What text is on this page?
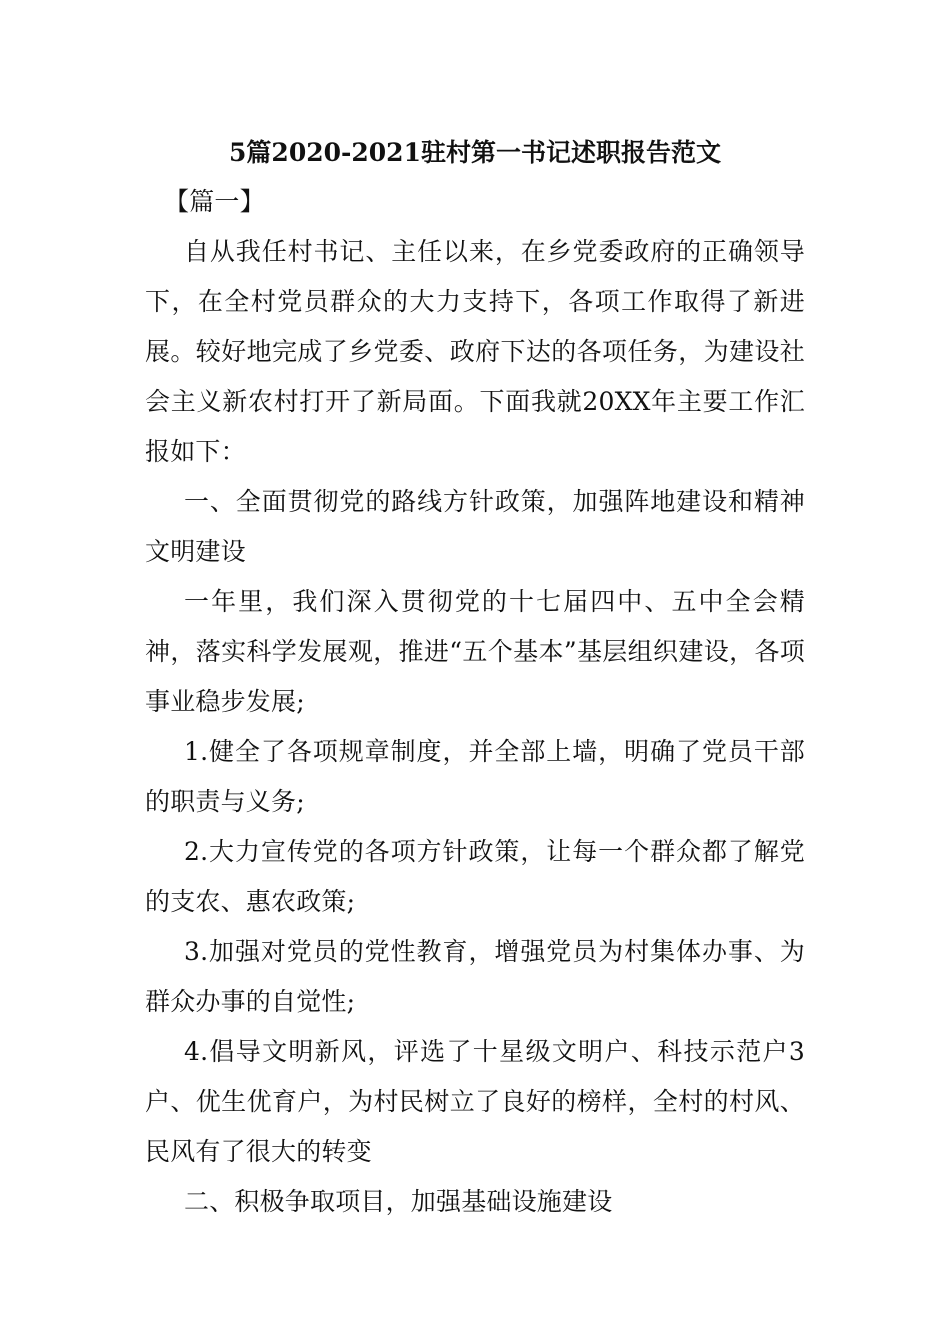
5篇2020-2021驻村第一书记述职报告范文

【篇一】

自从我任村书记、主任以来，在乡党委政府的正确领导下，在全村党员群众的大力支持下，各项工作取得了新进展。较好地完成了乡党委、政府下达的各项任务，为建设社会主义新农村打开了新局面。下面我就20XX年主要工作汇报如下：

一、全面贯彻党的路线方针政策，加强阵地建设和精神文明建设

一年里，我们深入贯彻党的十七届四中、五中全会精神，落实科学发展观，推进“五个基本”基层组织建设，各项事业稳步发展;

1.健全了各项规章制度，并全部上墙，明确了党员干部的职责与义务;

2.大力宣传党的各项方针政策，让每一个群众都了解党的支农、惠农政策;

3.加强对党员的党性教育，增强党员为村集体办事、为群众办事的自觉性;

4.倡导文明新风，评选了十星级文明户、科技示范户3户、优生优育户，为村民树立了良好的榜样，全村的村风、民风有了很大的转变

二、积极争取项目，加强基础设施建设
